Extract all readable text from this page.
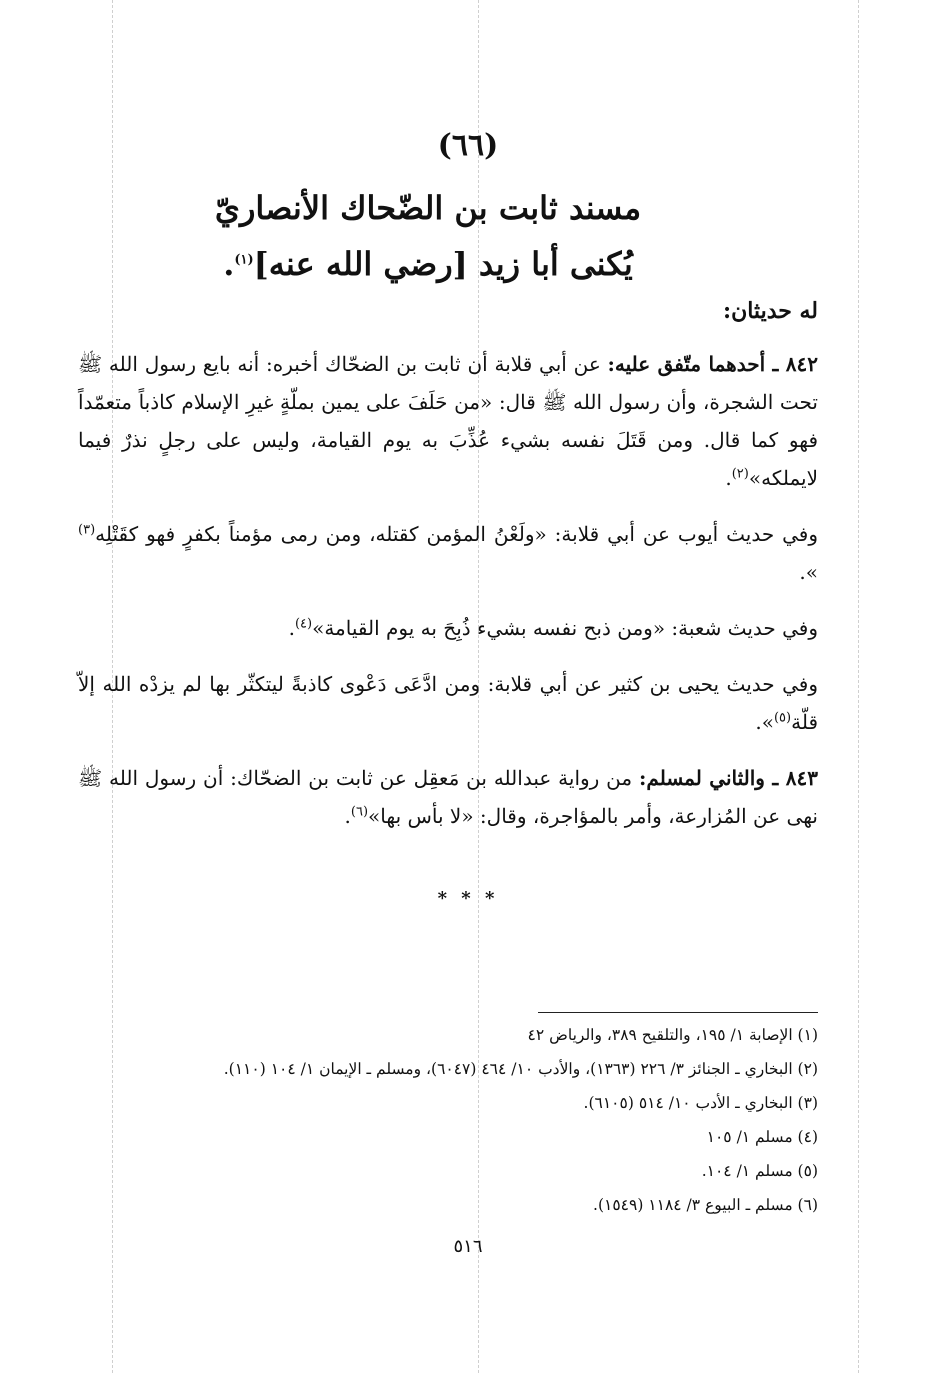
(٦٦)
مسند ثابت بن الضّحاك الأنصاريّ
يُكنى أبا زيد [رضي الله عنه]$^{(١)}$.
له حديثان:

٨٤٢ ـ أحدهما متّفق عليه: عن أبي قلابة أن ثابت بن الضحّاك أخبره: أنه بايع رسول الله ﷺ تحت الشجرة، وأن رسول الله ﷺ قال: «من حَلَفَ على يمين بملّةٍ غيرِ الإسلام كاذباً متعمّداً فهو كما قال. ومن قَتَلَ نفسه بشيء عُذِّبَ به يوم القيامة، وليس على رجلٍ نذرٌ فيما لايملكه»$^{(٢)}$.

وفي حديث أيوب عن أبي قلابة: «ولَعْنُ المؤمن كقتله، ومن رمى مؤمناً بكفرٍ فهو كقَتْلِه$^{(٣)}$ ».

وفي حديث شعبة: «ومن ذبح نفسه بشيء ذُبِحَ به يوم القيامة»$^{(٤)}$.

وفي حديث يحيى بن كثير عن أبي قلابة: ومن ادَّعَى دَعْوى كاذبةً ليتكثّر بها لم يزدْه الله إلاّ قلّة$^{(٥)}$».

٨٤٣ ـ والثاني لمسلم: من رواية عبدالله بن مَعقِل عن ثابت بن الضحّاك: أن رسول الله ﷺ نهى عن المُزارعة، وأمر بالمؤاجرة، وقال: «لا بأس بها»$^{(٦)}$.

* * *
(١) الإصابة ١/ ١٩٥، والتلقيح ٣٨٩، والرياض ٤٢
(٢) البخاري ـ الجنائز ٣/ ٢٢٦ (١٣٦٣)، والأدب ١٠/ ٤٦٤ (٦٠٤٧)، ومسلم ـ الإيمان ١/ ١٠٤ (١١٠).
(٣) البخاري ـ الأدب ١٠/ ٥١٤ (٦١٠٥).
(٤) مسلم ١/ ١٠٥
(٥) مسلم ١/ ١٠٤.
(٦) مسلم ـ البيوع ٣/ ١١٨٤ (١٥٤٩).
٥١٦
